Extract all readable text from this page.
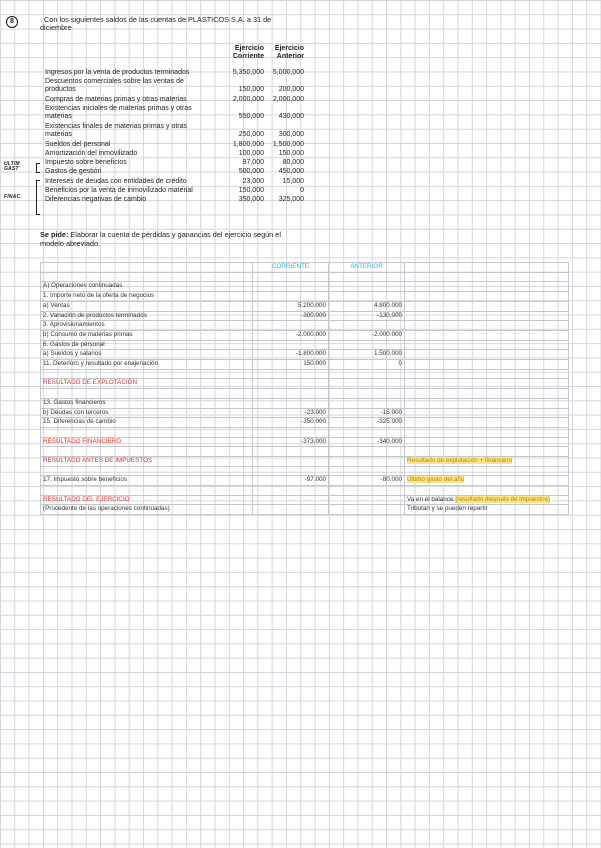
8	. Con los siguientes saldos de las cuentas de PLASTICOS S.A. a 31 de
diciembre
Ejercicio
Corriente
Ejercicio
Anterior
Ingresos por la venta de productos terminados	5,350,000	5,000,000
Descuentos comerciales sobre las ventas de
productos	150,000	200,000
Compras de materias primas y otras materias	2,000,000	2,000,000
Existencias iniciales de materias primas y otras
materias	550,000	430,000
Existencias finales de materias primas y otras
materias	250,000	300,000
Sueldos del personal	1,800,000	1,500,000
Amortización del inmovilizado	100,000	150,000
Impuesto sobre beneficios	97,000	80,000
Gastos de gestión	500,000	450,000
Intereses de deudas con entidades de crédito	23,000	15,000
Beneficios por la venta de inmovilizado material	150,000	0
Diferencias negativas de cambio	350,000	325,000
ULTIM
GAST
FINAC.
Se pide: Elaborar la cuenta de pérdidas y ganancias del ejercicio según el
modelo abreviado.
	CORRIENTE	ANTERIOR	

A) Operaciones continuadas			
1. Importe neto de la oferta de negocios			
a) Ventas	5.200.000	4.800.000	
2. Variación de productos terminados	-300.000	-130.000	
3. Aprovisionamientos			
b) Consumo de materias primas	-2.000.000	-2.000.000	
6. Gastos de personal			
a) Sueldos y salarios	-1.800.000	1.500.000	
11. Deterioro y resultado por enajenación	150.000	0	

RESULTADO DE EXPLOTACIÓN			

13. Gastos financieros			
b) Deudas con terceros	-23.000	-15.000	
15. Diferencias de cambio	-350.000	-325.000	

RESULTADO FINANCIERO	-373.000	-340.000	

RESULTADO ANTES DE IMPUESTOS			Resultado de explotación + financiero

17. Impuesto sobre beneficios	-97.000	-80.000	Último gasto del año

RESULTADO DEL EJERCICIO			Va en el balance (resultado después de impuestos)
(Procedente de las operaciones continuadas)			Tributan y se pueden repartir
